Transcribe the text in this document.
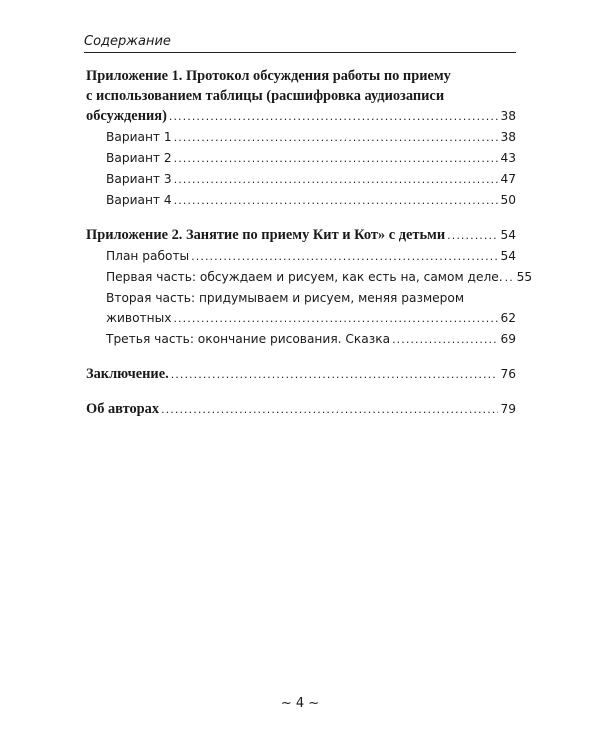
Содержание
Приложение 1. Протокол обсуждения работы по приему
с использованием таблицы (расшифровка аудиозаписи
обсуждения) . . .	38
Вариант 1 . . .	38
Вариант 2 . . .	43
Вариант 3 . . .	47
Вариант 4 . . .	50
Приложение 2. Занятие по приему Кит и Кот» с детьми . . .	54
План работы . . .	54
Первая часть: обсуждаем и рисуем, как есть на, самом деле. . . . 55
Вторая часть: придумываем и рисуем, меняя размером
животных . . .	62
Третья часть: окончание рисования. Сказка . . .	69
Заключение. . . .	76
Об авторах . . .	79
~ 4 ~
